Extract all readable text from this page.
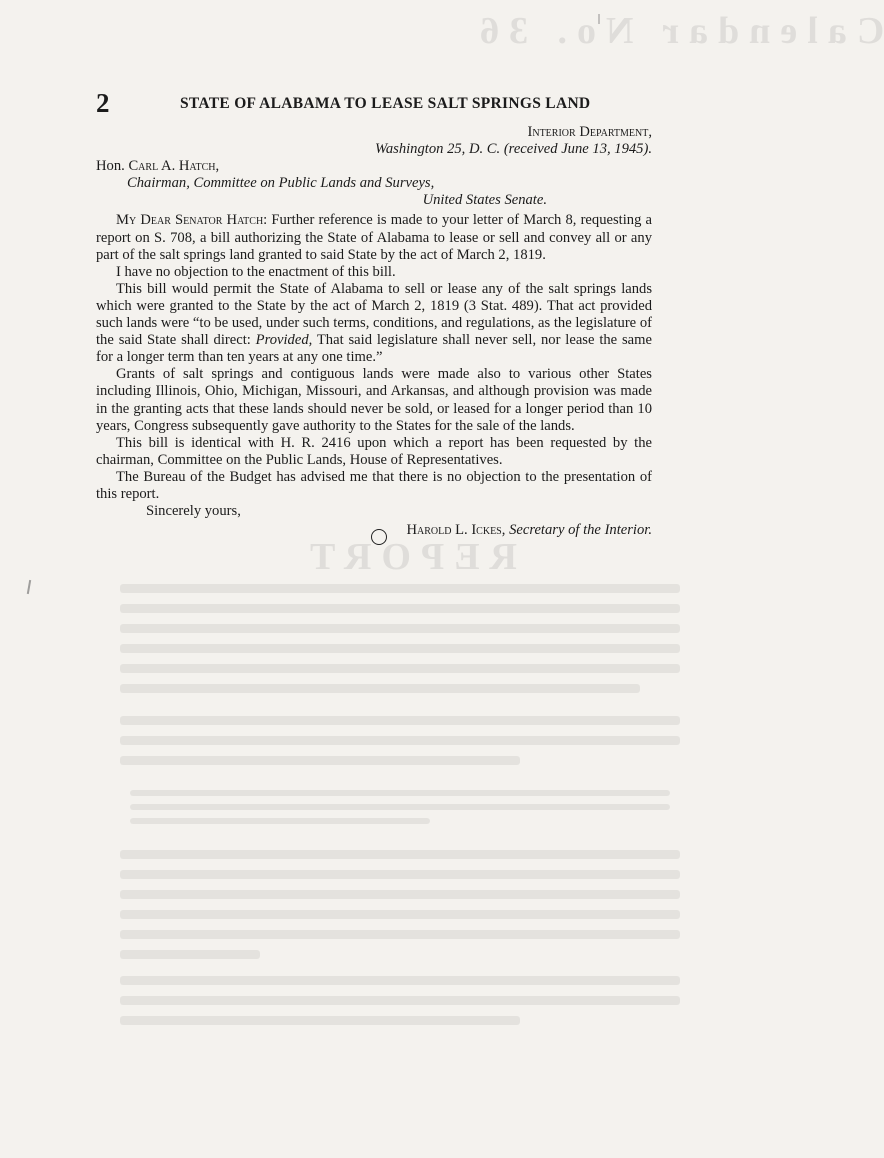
Calendar No. 36
REPORT
2	STATE OF ALABAMA TO LEASE SALT SPRINGS LAND
Interior Department,
Washington 25, D. C. (received June 13, 1945).
Hon. Carl A. Hatch,
Chairman, Committee on Public Lands and Surveys,
United States Senate.

My Dear Senator Hatch: Further reference is made to your letter of March 8, requesting a report on S. 708, a bill authorizing the State of Alabama to lease or sell and convey all or any part of the salt springs land granted to said State by the act of March 2, 1819.

I have no objection to the enactment of this bill.

This bill would permit the State of Alabama to sell or lease any of the salt springs lands which were granted to the State by the act of March 2, 1819 (3 Stat. 489). That act provided such lands were “to be used, under such terms, conditions, and regulations, as the legislature of the said State shall direct: Provided, That said legislature shall never sell, nor lease the same for a longer term than ten years at any one time.”

Grants of salt springs and contiguous lands were made also to various other States including Illinois, Ohio, Michigan, Missouri, and Arkansas, and although provision was made in the granting acts that these lands should never be sold, or leased for a longer period than 10 years, Congress subsequently gave authority to the States for the sale of the lands.

This bill is identical with H. R. 2416 upon which a report has been requested by the chairman, Committee on the Public Lands, House of Representatives.

The Bureau of the Budget has advised me that there is no objection to the presentation of this report.

Sincerely yours,
Harold L. Ickes, Secretary of the Interior.
